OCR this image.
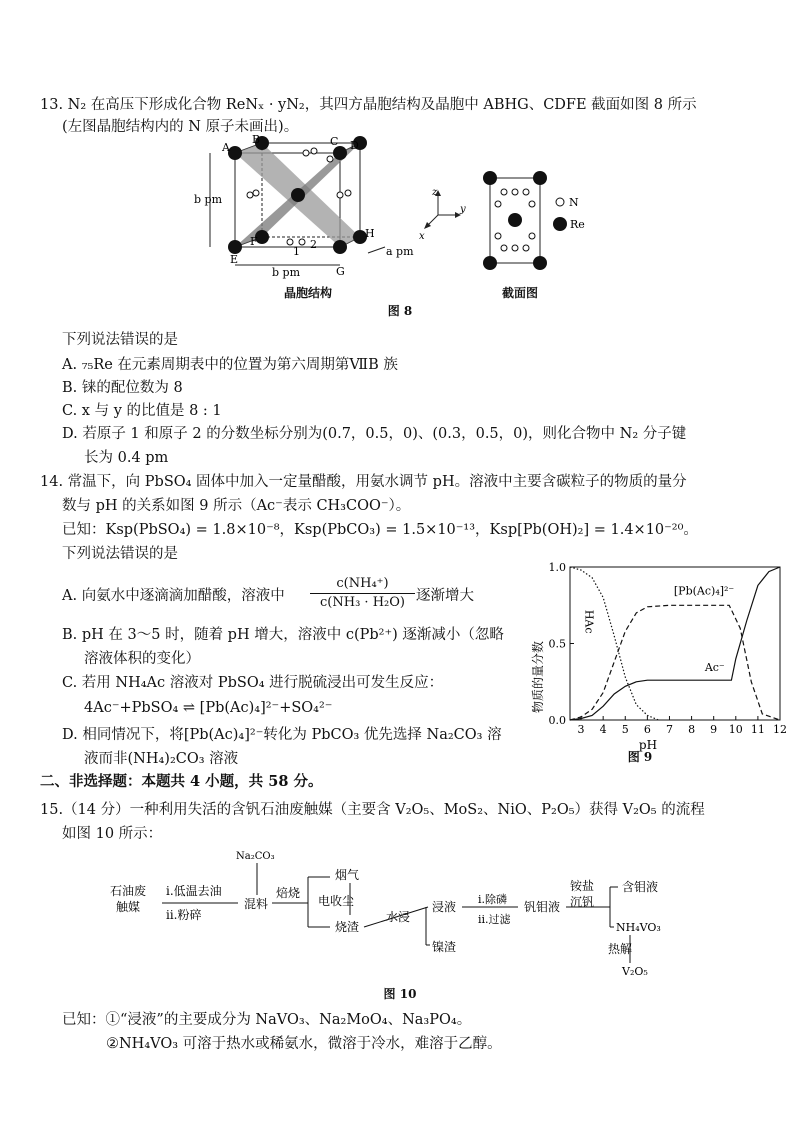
13. N₂ 在高压下形成化合物 ReNₓ · yN₂，其四方晶胞结构及晶胞中 ABHG、CDFE 截面如图 8 所示
(左图晶胞结构内的 N 原子未画出)。
A
B	C D
F
H
E
G
1
2
b pm
b pm
a pm
晶胞结构
z
y
x
N
Re
截面图
图 8
下列说法错误的是
A. ₇₅Re 在元素周期表中的位置为第六周期第ⅦB 族
B. 铼的配位数为 8
C. x 与 y 的比值是 8 : 1
D. 若原子 1 和原子 2 的分数坐标分别为(0.7，0.5，0)、(0.3，0.5，0)，则化合物中 N₂ 分子键
长为 0.4 pm
14. 常温下，向 PbSO₄ 固体中加入一定量醋酸，用氨水调节 pH。溶液中主要含碳粒子的物质的量分
数与 pH 的关系如图 9 所示（Ac⁻表示 CH₃COO⁻）。
已知：Ksp(PbSO₄) = 1.8×10⁻⁸，Ksp(PbCO₃) = 1.5×10⁻¹³，Ksp[Pb(OH)₂] = 1.4×10⁻²⁰。
下列说法错误的是
A. 向氨水中逐滴滴加醋酸，溶液中 $\frac{\text{c(NH₄⁺)}}{\text{c(NH₃ · H₂O)}}$ 逐渐增大
B. pH 在 3～5 时，随着 pH 增大，溶液中 c(Pb²⁺) 逐渐减小（忽略
溶液体积的变化）
C. 若用 NH₄Ac 溶液对 PbSO₄ 进行脱硫浸出可发生反应：
4Ac⁻+PbSO₄ ⇌ [Pb(Ac)₄]²⁻+SO₄²⁻
D. 相同情况下，将[Pb(Ac)₄]²⁻转化为 PbCO₃ 优先选择 Na₂CO₃ 溶
液而非(NH₄)₂CO₃ 溶液
3 4 5 6 7 8 9 10 11 12
0.0
0.5
1.0
HAc
[Pb(Ac)₄]²⁻
Ac⁻
物质的量分数
pH
图 9
二、非选择题：本题共 4 小题，共 58 分。
15.（14 分）一种利用失活的含钒石油废触媒（主要含 V₂O₅、MoS₂、NiO、P₂O₅）获得 V₂O₅ 的流程
如图 10 所示：
石油废
触媒
ⅰ.低温去油
ⅱ.粉碎
Na₂CO₃
混料
焙烧
烟气
电收尘
烧渣
水浸
浸液
ⅰ.除磷
ⅱ.过滤
钒钼液
铵盐
沉钒
含钼液
NH₄VO₃
热解
V₂O₅
镍渣
图 10
已知：①“浸液”的主要成分为 NaVO₃、Na₂MoO₄、Na₃PO₄。
②NH₄VO₃ 可溶于热水或稀氨水，微溶于冷水，难溶于乙醇。
